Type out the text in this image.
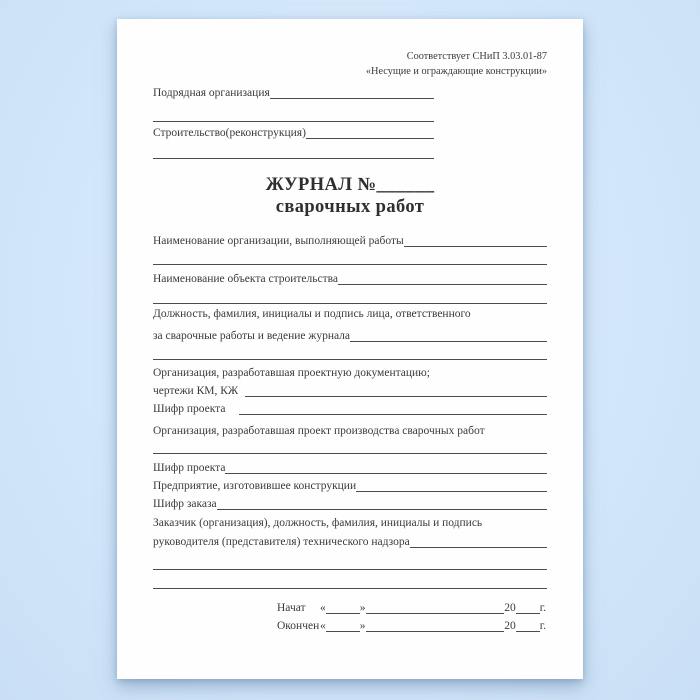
Соответствует СНиП 3.03.01-87
«Несущие и ограждающие конструкции»
Подрядная организация
Строительство(реконструкция)
ЖУРНАЛ №______
сварочных работ
Наименование организации, выполняющей работы
Наименование объекта строительства
Должность, фамилия, инициалы и подпись лица, ответственного
за сварочные работы и ведение журнала
Организация, разработавшая проектную документацию;
чертежи КМ, КЖ
Шифр проекта
Организация, разработавшая проект производства сварочных работ
Шифр проекта
Предприятие, изготовившее конструкции
Шифр заказа
Заказчик (организация), должность, фамилия, инициалы и подпись
руководителя (представителя) технического надзора
Начат	«	»	20 г.
Окончен «	»	20 г.
